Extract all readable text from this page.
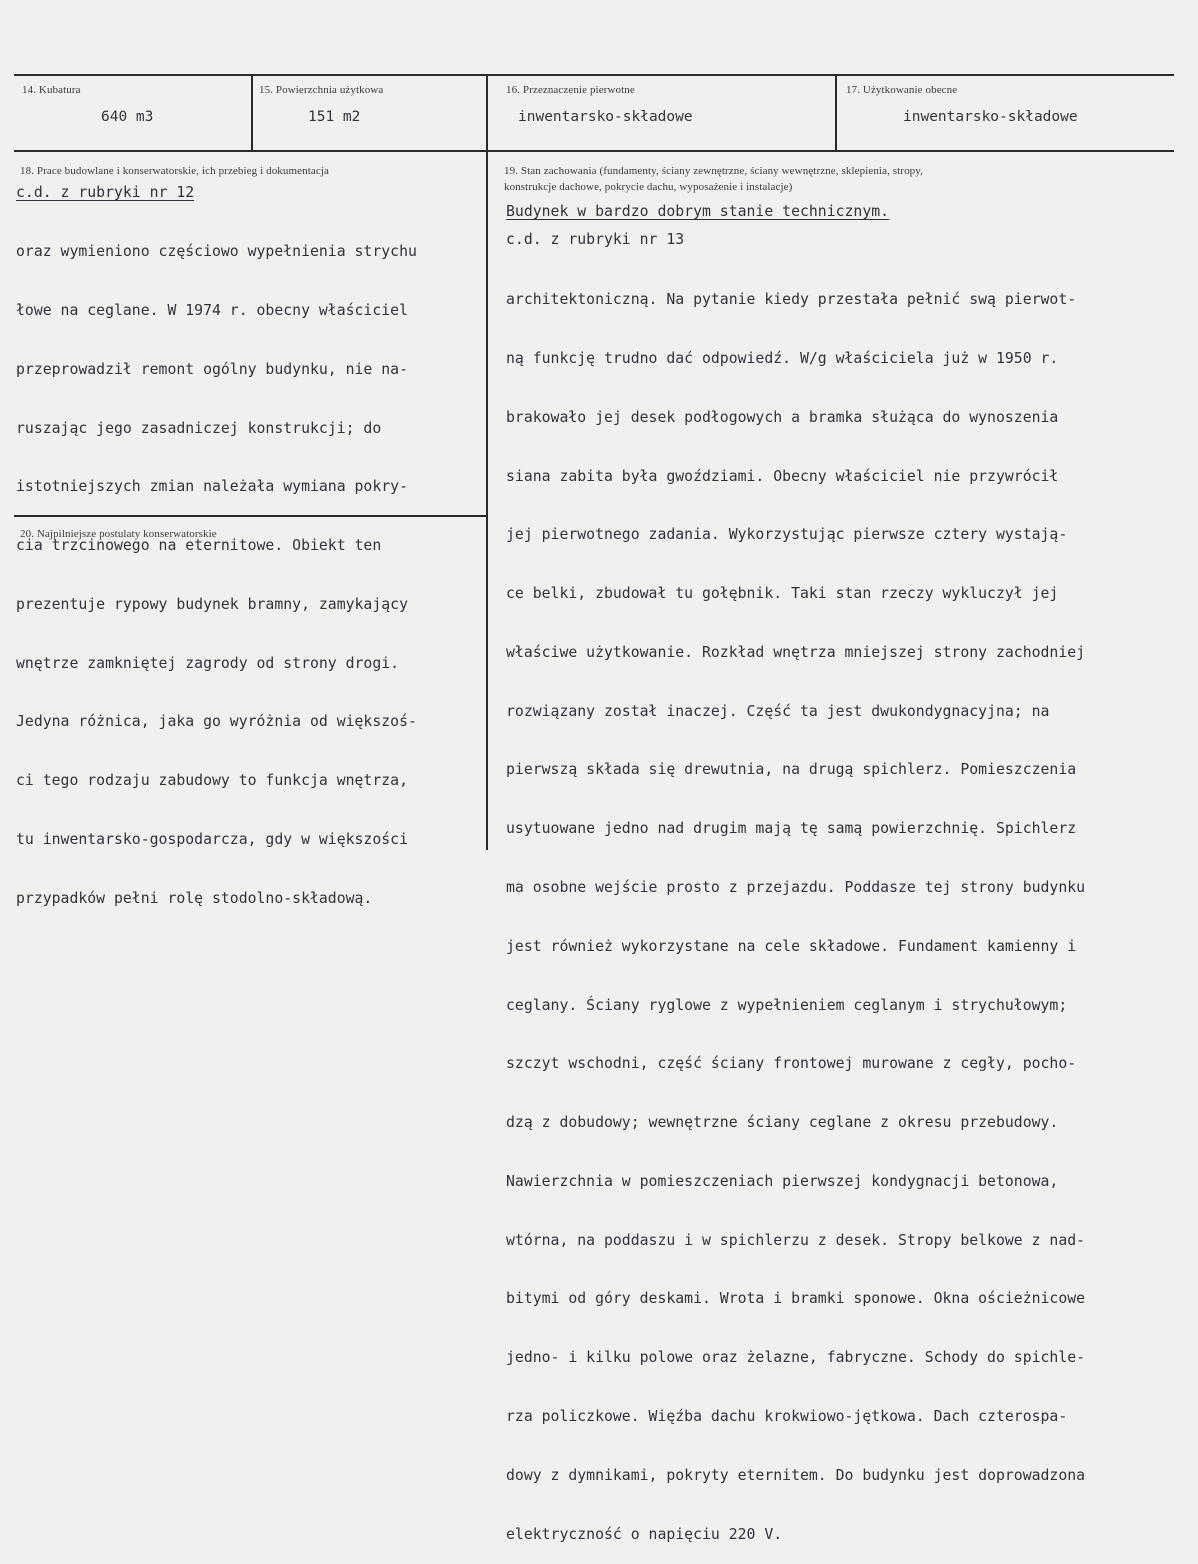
14. Kubatura
640 m3
15. Powierzchnia użytkowa
151 m2
16. Przeznaczenie pierwotne
inwentarsko-składowe
17. Użytkowanie obecne
inwentarsko-składowe
18. Prace budowlane i konserwatorskie, ich przebieg i dokumentacja
c.d. z rubryki nr 12

oraz wymieniono częściowo wypełnienia strychu

łowe na ceglane. W 1974 r. obecny właściciel

przeprowadził remont ogólny budynku, nie na-

ruszając jego zasadniczej konstrukcji; do

istotniejszych zmian należała wymiana pokry-

cia trzcinowego na eternitowe. Obiekt ten

prezentuje rypowy budynek bramny, zamykający

wnętrze zamkniętej zagrody od strony drogi.

Jedyna różnica, jaka go wyróżnia od większoś-

ci tego rodzaju zabudowy to funkcja wnętrza,

tu inwentarsko-gospodarcza, gdy w większości

przypadków pełni rolę stodolno-składową.

20. Najpilniejsze postulaty konserwatorskie
19. Stan zachowania (fundamenty, ściany zewnętrzne, ściany wewnętrzne, sklepienia, stropy,
konstrukcje dachowe, pokrycie dachu, wyposażenie i instalacje)
Budynek w bardzo dobrym stanie technicznym.
c.d. z rubryki nr 13

architektoniczną. Na pytanie kiedy przestała pełnić swą pierwot-

ną funkcję trudno dać odpowiedź. W/g właściciela już w 1950 r.

brakowało jej desek podłogowych a bramka służąca do wynoszenia

siana zabita była gwoździami. Obecny właściciel nie przywrócił

jej pierwotnego zadania. Wykorzystując pierwsze cztery wystają-

ce belki, zbudował tu gołębnik. Taki stan rzeczy wykluczył jej

właściwe użytkowanie. Rozkład wnętrza mniejszej strony zachodniej

rozwiązany został inaczej. Część ta jest dwukondygnacyjna; na

pierwszą składa się drewutnia, na drugą spichlerz. Pomieszczenia

usytuowane jedno nad drugim mają tę samą powierzchnię. Spichlerz

ma osobne wejście prosto z przejazdu. Poddasze tej strony budynku

jest również wykorzystane na cele składowe. Fundament kamienny i

ceglany. Ściany ryglowe z wypełnieniem ceglanym i strychułowym;

szczyt wschodni, część ściany frontowej murowane z cegły, pocho-

dzą z dobudowy; wewnętrzne ściany ceglane z okresu przebudowy.

Nawierzchnia w pomieszczeniach pierwszej kondygnacji betonowa,

wtórna, na poddaszu i w spichlerzu z desek. Stropy belkowe z nad-

bitymi od góry deskami. Wrota i bramki sponowe. Okna ościeżnicowe

jedno- i kilku polowe oraz żelazne, fabryczne. Schody do spichle-

rza policzkowe. Więźba dachu krokwiowo-jętkowa. Dach czterospa-

dowy z dymnikami, pokryty eternitem. Do budynku jest doprowadzona

elektryczność o napięciu 220 V.
